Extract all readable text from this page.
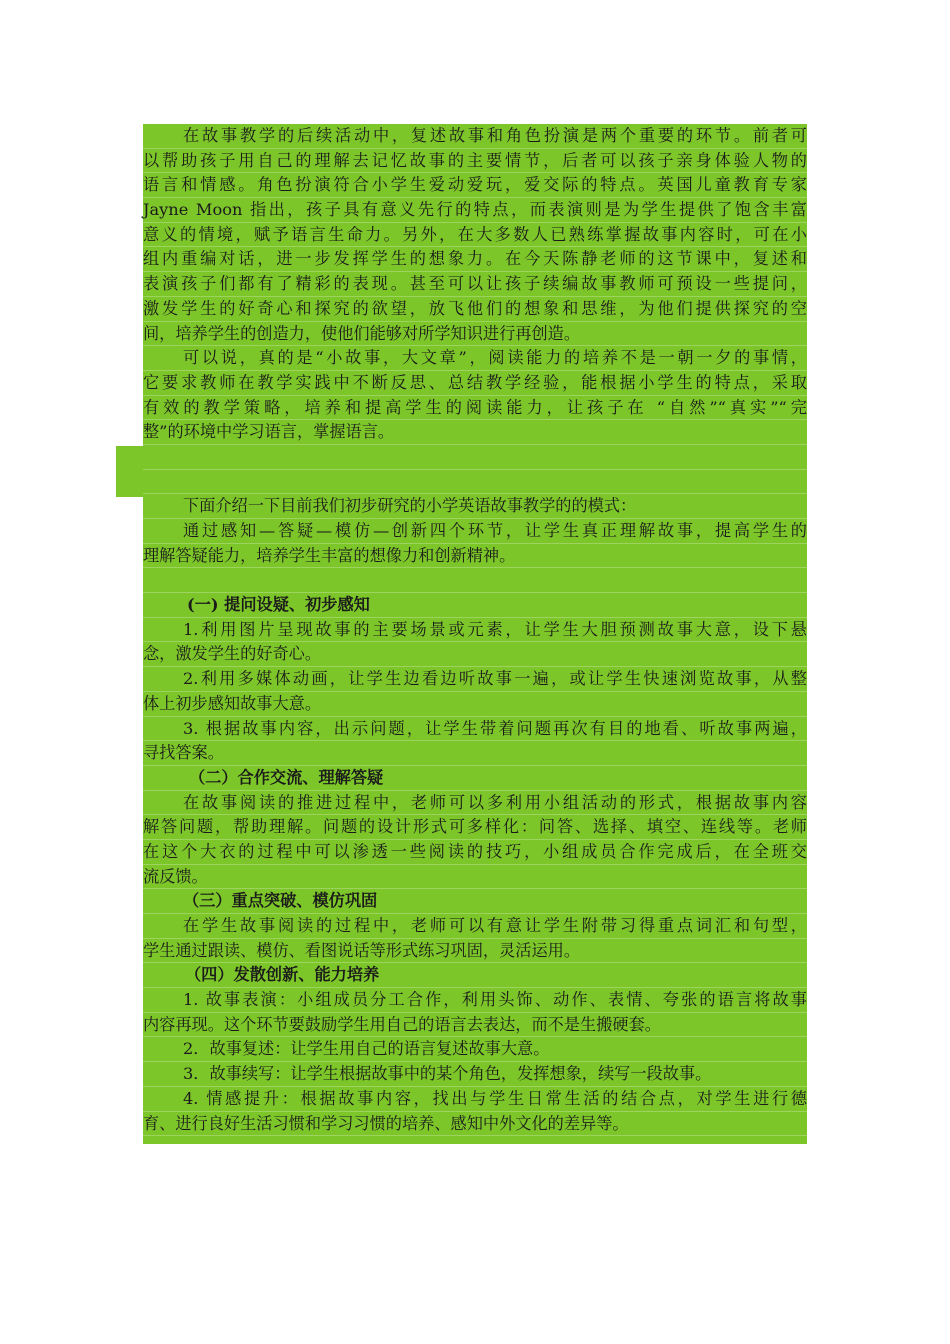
在故事教学的后续活动中，复述故事和角色扮演是两个重要的环节。前者可
以帮助孩子用自己的理解去记忆故事的主要情节，后者可以孩子亲身体验人物的
语言和情感。角色扮演符合小学生爱动爱玩，爱交际的特点。英国儿童教育专家
Jayne Moon 指出，孩子具有意义先行的特点，而表演则是为学生提供了饱含丰富
意义的情境，赋予语言生命力。另外，在大多数人已熟练掌握故事内容时，可在小
组内重编对话，进一步发挥学生的想象力。在今天陈静老师的这节课中，复述和
表演孩子们都有了精彩的表现。甚至可以让孩子续编故事教师可预设一些提问，
激发学生的好奇心和探究的欲望，放飞他们的想象和思维，为他们提供探究的空
间，培养学生的创造力，使他们能够对所学知识进行再创造。
可以说，真的是“小故事，大文章”，阅读能力的培养不是一朝一夕的事情，
它要求教师在教学实践中不断反思、总结教学经验，能根据小学生的特点，采取
有效的教学策略，培养和提高学生的阅读能力，让孩子在 “自然”“真实”“完
整”的环境中学习语言，掌握语言。
下面介绍一下目前我们初步研究的小学英语故事教学的的模式：
通过感知—答疑—模仿—创新四个环节，让学生真正理解故事，提高学生的
理解答疑能力，培养学生丰富的想像力和创新精神。
(一) 提问设疑、初步感知
1.利用图片呈现故事的主要场景或元素，让学生大胆预测故事大意，设下悬
念，激发学生的好奇心。
2.利用多媒体动画，让学生边看边听故事一遍，或让学生快速浏览故事，从整
体上初步感知故事大意。
3. 根据故事内容，出示问题，让学生带着问题再次有目的地看、听故事两遍，
寻找答案。
（二）合作交流、理解答疑
在故事阅读的推进过程中，老师可以多利用小组活动的形式，根据故事内容
解答问题，帮助理解。问题的设计形式可多样化：问答、选择、填空、连线等。老师
在这个大衣的过程中可以渗透一些阅读的技巧，小组成员合作完成后，在全班交
流反馈。
（三）重点突破、模仿巩固
在学生故事阅读的过程中，老师可以有意让学生附带习得重点词汇和句型，
学生通过跟读、模仿、看图说话等形式练习巩固，灵活运用。
（四）发散创新、能力培养
1. 故事表演：小组成员分工合作，利用头饰、动作、表情、夸张的语言将故事
内容再现。这个环节要鼓励学生用自己的语言去表达，而不是生搬硬套。
2．故事复述：让学生用自己的语言复述故事大意。
3．故事续写：让学生根据故事中的某个角色，发挥想象，续写一段故事。
4. 情感提升：根据故事内容，找出与学生日常生活的结合点，对学生进行德
育、进行良好生活习惯和学习习惯的培养、感知中外文化的差异等。
